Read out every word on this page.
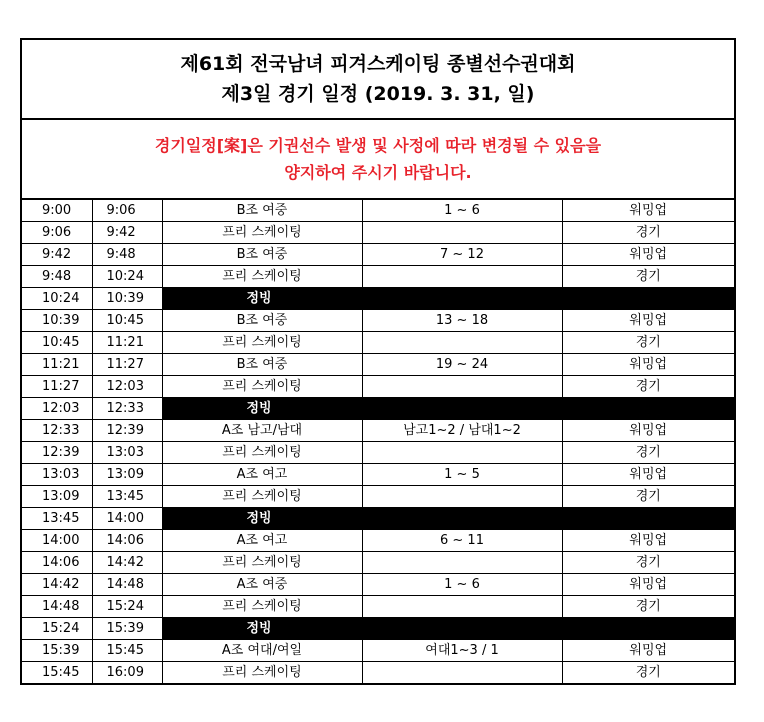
제61회 전국남녀 피겨스케이팅 종별선수권대회
제3일 경기 일정 (2019. 3. 31, 일)
경기일정[案]은 기권선수 발생 및 사정에 따라 변경될 수 있음을
양지하여 주시기 바랍니다.
9:00	9:06	B조 여중	1 ~ 6	워밍업
9:06	9:42	프리 스케이팅		경기
9:42	9:48	B조 여중	7 ~ 12	워밍업
9:48	10:24	프리 스케이팅		경기
10:24	10:39	정빙		
10:39	10:45	B조 여중	13 ~ 18	워밍업
10:45	11:21	프리 스케이팅		경기
11:21	11:27	B조 여중	19 ~ 24	워밍업
11:27	12:03	프리 스케이팅		경기
12:03	12:33	정빙		
12:33	12:39	A조 남고/남대	남고1~2 / 남대1~2	워밍업
12:39	13:03	프리 스케이팅		경기
13:03	13:09	A조 여고	1 ~ 5	워밍업
13:09	13:45	프리 스케이팅		경기
13:45	14:00	정빙		
14:00	14:06	A조 여고	6 ~ 11	워밍업
14:06	14:42	프리 스케이팅		경기
14:42	14:48	A조 여중	1 ~ 6	워밍업
14:48	15:24	프리 스케이팅		경기
15:24	15:39	정빙		
15:39	15:45	A조 여대/여일	여대1~3 / 1	워밍업
15:45	16:09	프리 스케이팅		경기
